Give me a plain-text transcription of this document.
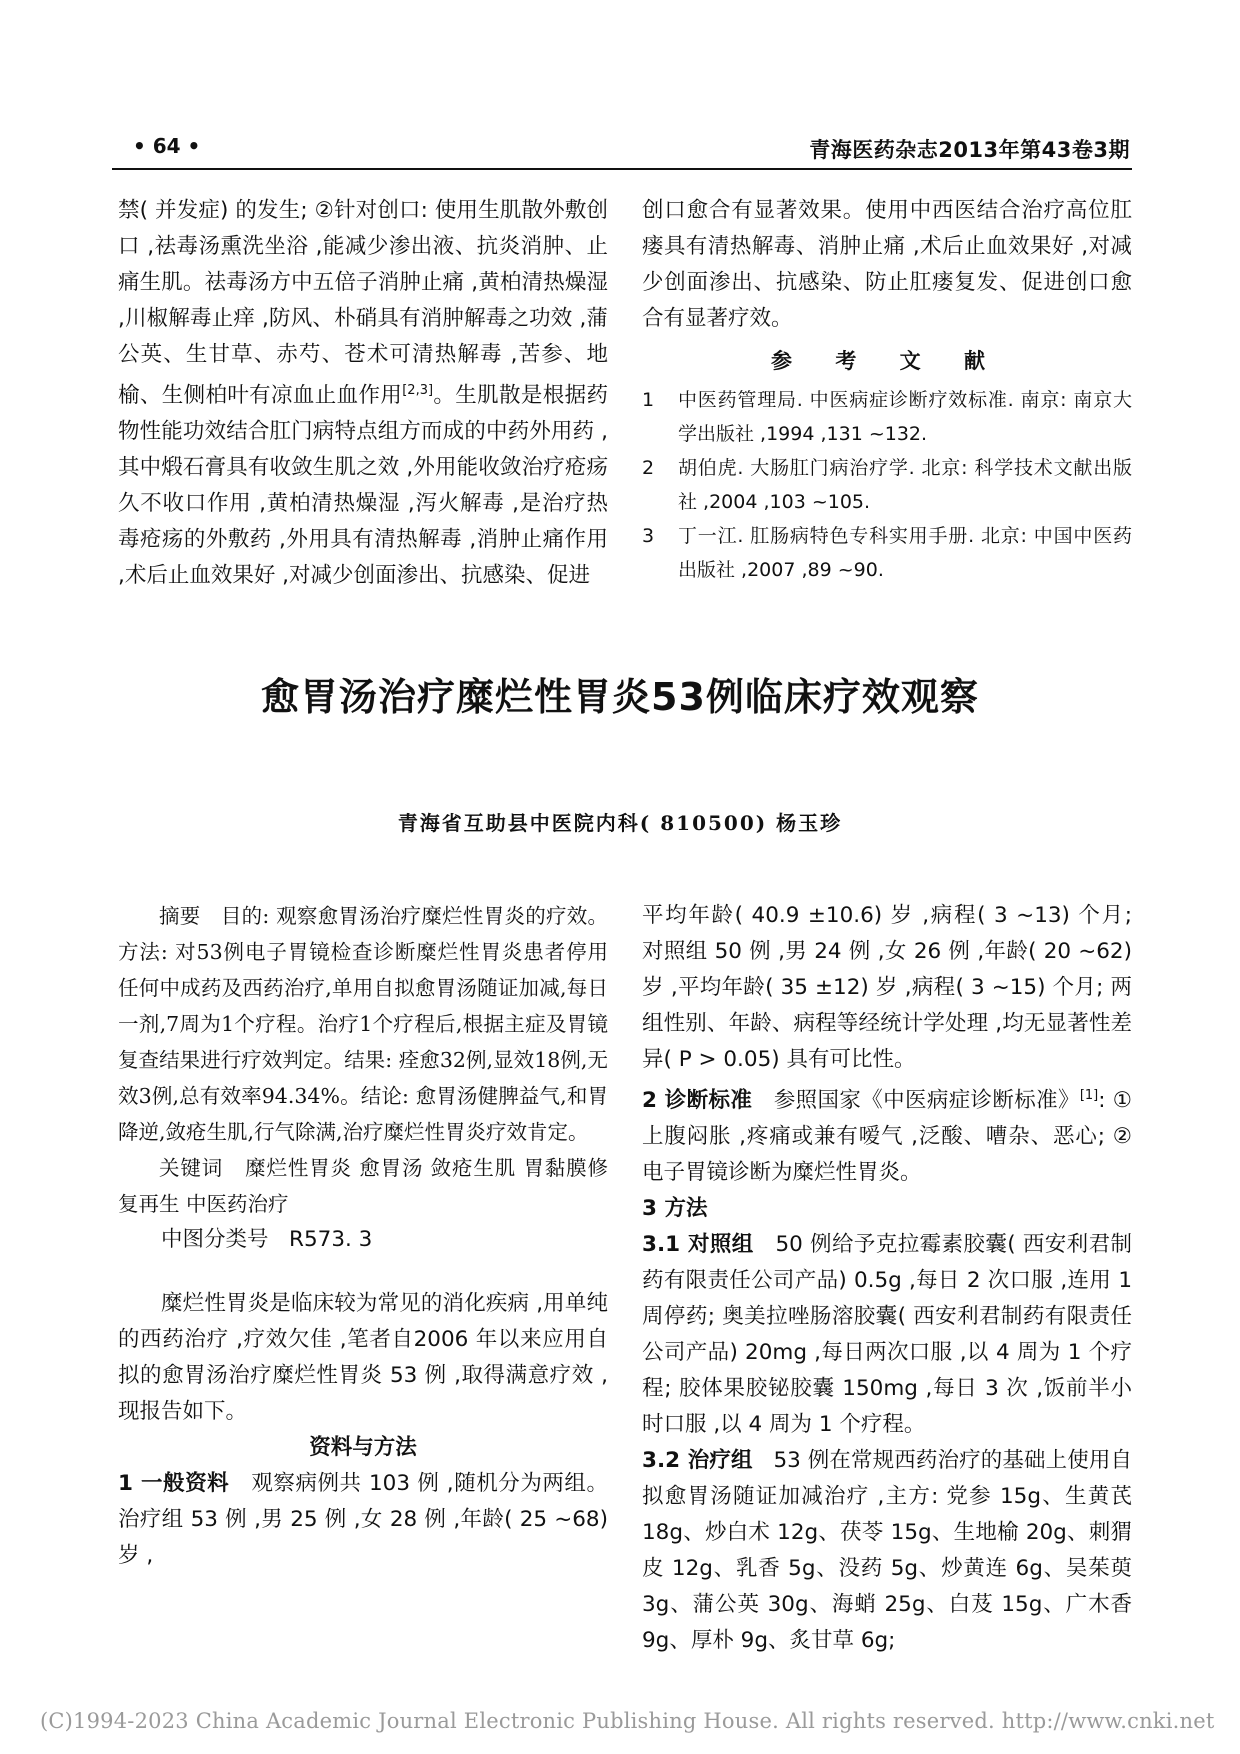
• 64 •	青海医药杂志2013年第43卷3期

禁( 并发症) 的发生; ②针对创口: 使用生肌散外敷创口 ,祛毒汤熏洗坐浴 ,能减少渗出液、抗炎消肿、止痛生肌。祛毒汤方中五倍子消肿止痛 ,黄柏清热燥湿 ,川椒解毒止痒 ,防风、朴硝具有消肿解毒之功效 ,蒲公英、生甘草、赤芍、苍术可清热解毒 ,苦参、地榆、生侧柏叶有凉血止血作用[2,3]。生肌散是根据药物性能功效结合肛门病特点组方而成的中药外用药 ,其中煅石膏具有收敛生肌之效 ,外用能收敛治疗疮疡久不收口作用 ,黄柏清热燥湿 ,泻火解毒 ,是治疗热毒疮疡的外敷药 ,外用具有清热解毒 ,消肿止痛作用 ,术后止血效果好 ,对减少创面渗出、抗感染、促进

创口愈合有显著效果。使用中西医结合治疗高位肛瘘具有清热解毒、消肿止痛 ,术后止血效果好 ,对减少创面渗出、抗感染、防止肛瘘复发、促进创口愈合有显著疗效。

参 考 文 献
1 中医药管理局. 中医病症诊断疗效标准. 南京: 南京大学出版社 ,1994 ,131 ~132.
2 胡伯虎. 大肠肛门病治疗学. 北京: 科学技术文献出版社 ,2004 ,103 ~105.
3 丁一江. 肛肠病特色专科实用手册. 北京: 中国中医药出版社 ,2007 ,89 ~90.
愈胃汤治疗糜烂性胃炎53例临床疗效观察
青海省互助县中医院内科( 810500) 杨玉珍

摘要 目的: 观察愈胃汤治疗糜烂性胃炎的疗效。方法: 对53例电子胃镜检查诊断糜烂性胃炎患者停用任何中成药及西药治疗,单用自拟愈胃汤随证加减,每日一剂,7周为1个疗程。治疗1个疗程后,根据主症及胃镜复查结果进行疗效判定。结果: 痊愈32例,显效18例,无效3例,总有效率94.34%。结论: 愈胃汤健脾益气,和胃降逆,敛疮生肌,行气除满,治疗糜烂性胃炎疗效肯定。

关键词 糜烂性胃炎 愈胃汤 敛疮生肌 胃黏膜修复再生 中医药治疗

中图分类号 R573. 3

糜烂性胃炎是临床较为常见的消化疾病 ,用单纯的西药治疗 ,疗效欠佳 ,笔者自2006 年以来应用自拟的愈胃汤治疗糜烂性胃炎 53 例 ,取得满意疗效 ,现报告如下。

资料与方法

1 一般资料 观察病例共 103 例 ,随机分为两组。治疗组 53 例 ,男 25 例 ,女 28 例 ,年龄( 25 ~68) 岁 ,

平均年龄( 40.9 ±10.6) 岁 ,病程( 3 ~13) 个月; 对照组 50 例 ,男 24 例 ,女 26 例 ,年龄( 20 ~62) 岁 ,平均年龄( 35 ±12) 岁 ,病程( 3 ~15) 个月; 两组性别、年龄、病程等经统计学处理 ,均无显著性差异( P > 0.05) 具有可比性。

2 诊断标准 参照国家《中医病症诊断标准》[1]: ①上腹闷胀 ,疼痛或兼有嗳气 ,泛酸、嘈杂、恶心; ②电子胃镜诊断为糜烂性胃炎。

3 方法

3.1 对照组 50 例给予克拉霉素胶囊( 西安利君制药有限责任公司产品) 0.5g ,每日 2 次口服 ,连用 1 周停药; 奥美拉唑肠溶胶囊( 西安利君制药有限责任公司产品) 20mg ,每日两次口服 ,以 4 周为 1 个疗程; 胶体果胶铋胶囊 150mg ,每日 3 次 ,饭前半小时口服 ,以 4 周为 1 个疗程。

3.2 治疗组 53 例在常规西药治疗的基础上使用自拟愈胃汤随证加减治疗 ,主方: 党参 15g、生黄芪 18g、炒白术 12g、茯苓 15g、生地榆 20g、刺猬皮 12g、乳香 5g、没药 5g、炒黄连 6g、吴茱萸 3g、蒲公英 30g、海蛸 25g、白芨 15g、广木香 9g、厚朴 9g、炙甘草 6g;

(C)1994-2023 China Academic Journal Electronic Publishing House. All rights reserved. http://www.cnki.net
